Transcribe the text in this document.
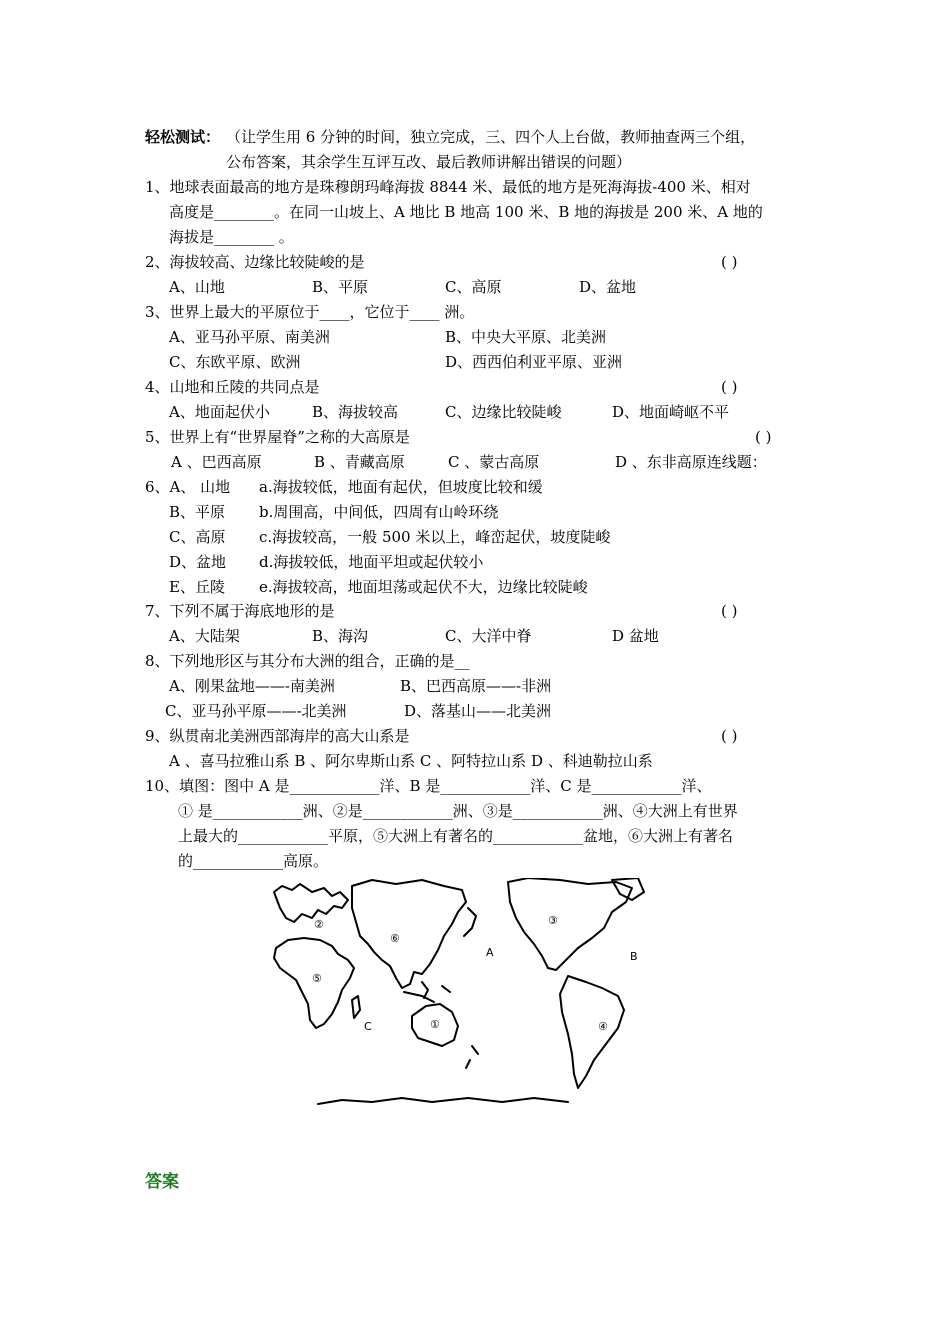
轻松测试： （让学生用 6 分钟的时间，独立完成，三、四个人上台做，教师抽查两三个组，
公布答案，其余学生互评互改、最后教师讲解出错误的问题）
1、地球表面最高的地方是珠穆朗玛峰海拔 8844 米、最低的地方是死海海拔-400 米、相对
高度是________。在同一山坡上、A 地比 B 地高 100 米、B 地的海拔是 200 米、A 地的
海拔是________ 。
2、海拔较高、边缘比较陡峻的是	( )
A、山地	B、平原	C、高原	D、盆地
3、世界上最大的平原位于____，它位于____ 洲。
A、亚马孙平原、南美洲	B、中央大平原、北美洲
C、东欧平原、欧洲	D、西西伯利亚平原、亚洲
4、山地和丘陵的共同点是	( )
A、地面起伏小	B、海拔较高	C、边缘比较陡峻	D、地面崎岖不平
5、世界上有“世界屋脊”之称的大高原是	( )
A 、巴西高原	B 、青藏高原	C 、蒙古高原	D 、东非高原连线题：
6、A、 山地 a.海拔较低，地面有起伏，但坡度比较和缓
B、平原 b.周围高，中间低，四周有山岭环绕
C、高原 c.海拔较高，一般 500 米以上，峰峦起伏，坡度陡峻
D、盆地 d.海拔较低，地面平坦或起伏较小
E、丘陵 e.海拔较高，地面坦荡或起伏不大，边缘比较陡峻
7、下列不属于海底地形的是	( )
A、大陆架	B、海沟	C、大洋中脊	D 盆地
8、下列地形区与其分布大洲的组合，正确的是__
A、刚果盆地——-南美洲	B、巴西高原——-非洲
C、亚马孙平原——-北美洲	D、落基山——北美洲
9、纵贯南北美洲西部海岸的高大山系是	( )
A 、喜马拉雅山系 B 、阿尔卑斯山系 C 、阿特拉山系 D 、科迪勒拉山系
10、填图：图中 A 是____________洋、B 是____________洋、C 是____________洋、
① 是____________洲、②是____________洲、③是____________洲、④大洲上有世界
上最大的____________平原，⑤大洲上有著名的____________盆地，⑥大洲上有著名
的____________高原。
A	B
C	①
②	③
④
⑤
⑥
答案
